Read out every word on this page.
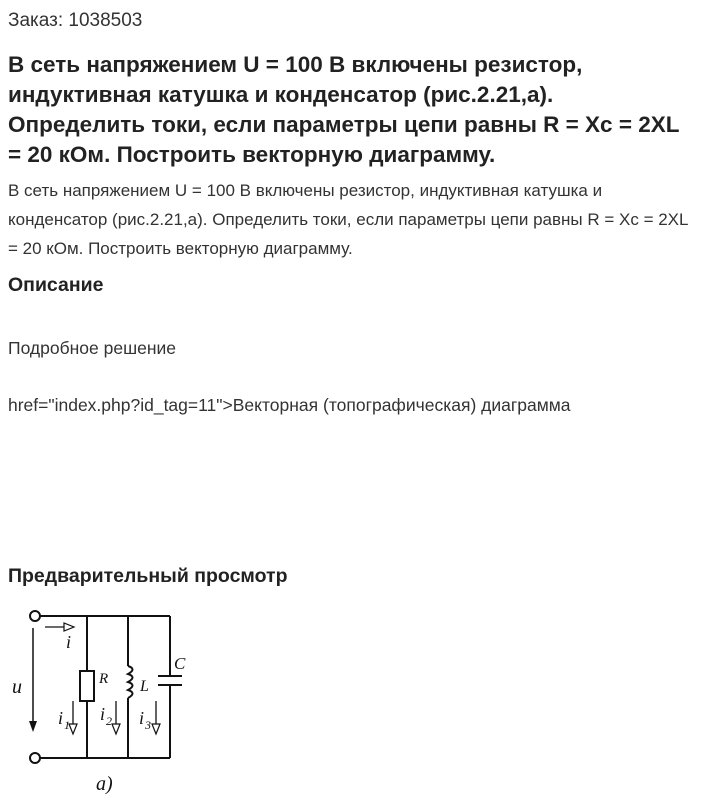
Заказ: 1038503
В сеть напряжением U = 100 В включены резистор, индуктивная катушка и конденсатор (рис.2.21,а). Определить токи, если параметры цепи равны R = Xc = 2XL = 20 кОм. Построить векторную диаграмму.

В сеть напряжением U = 100 В включены резистор, индуктивная катушка и конденсатор (рис.2.21,а). Определить токи, если параметры цепи равны R = Xc = 2XL = 20 кОм. Построить векторную диаграмму.

Описание
Подробное решение
href="index.php?id_tag=11">Векторная (топографическая) диаграмма
Предварительный просмотр
u
i
R L
C
i 1
i 2 i 3
a)
